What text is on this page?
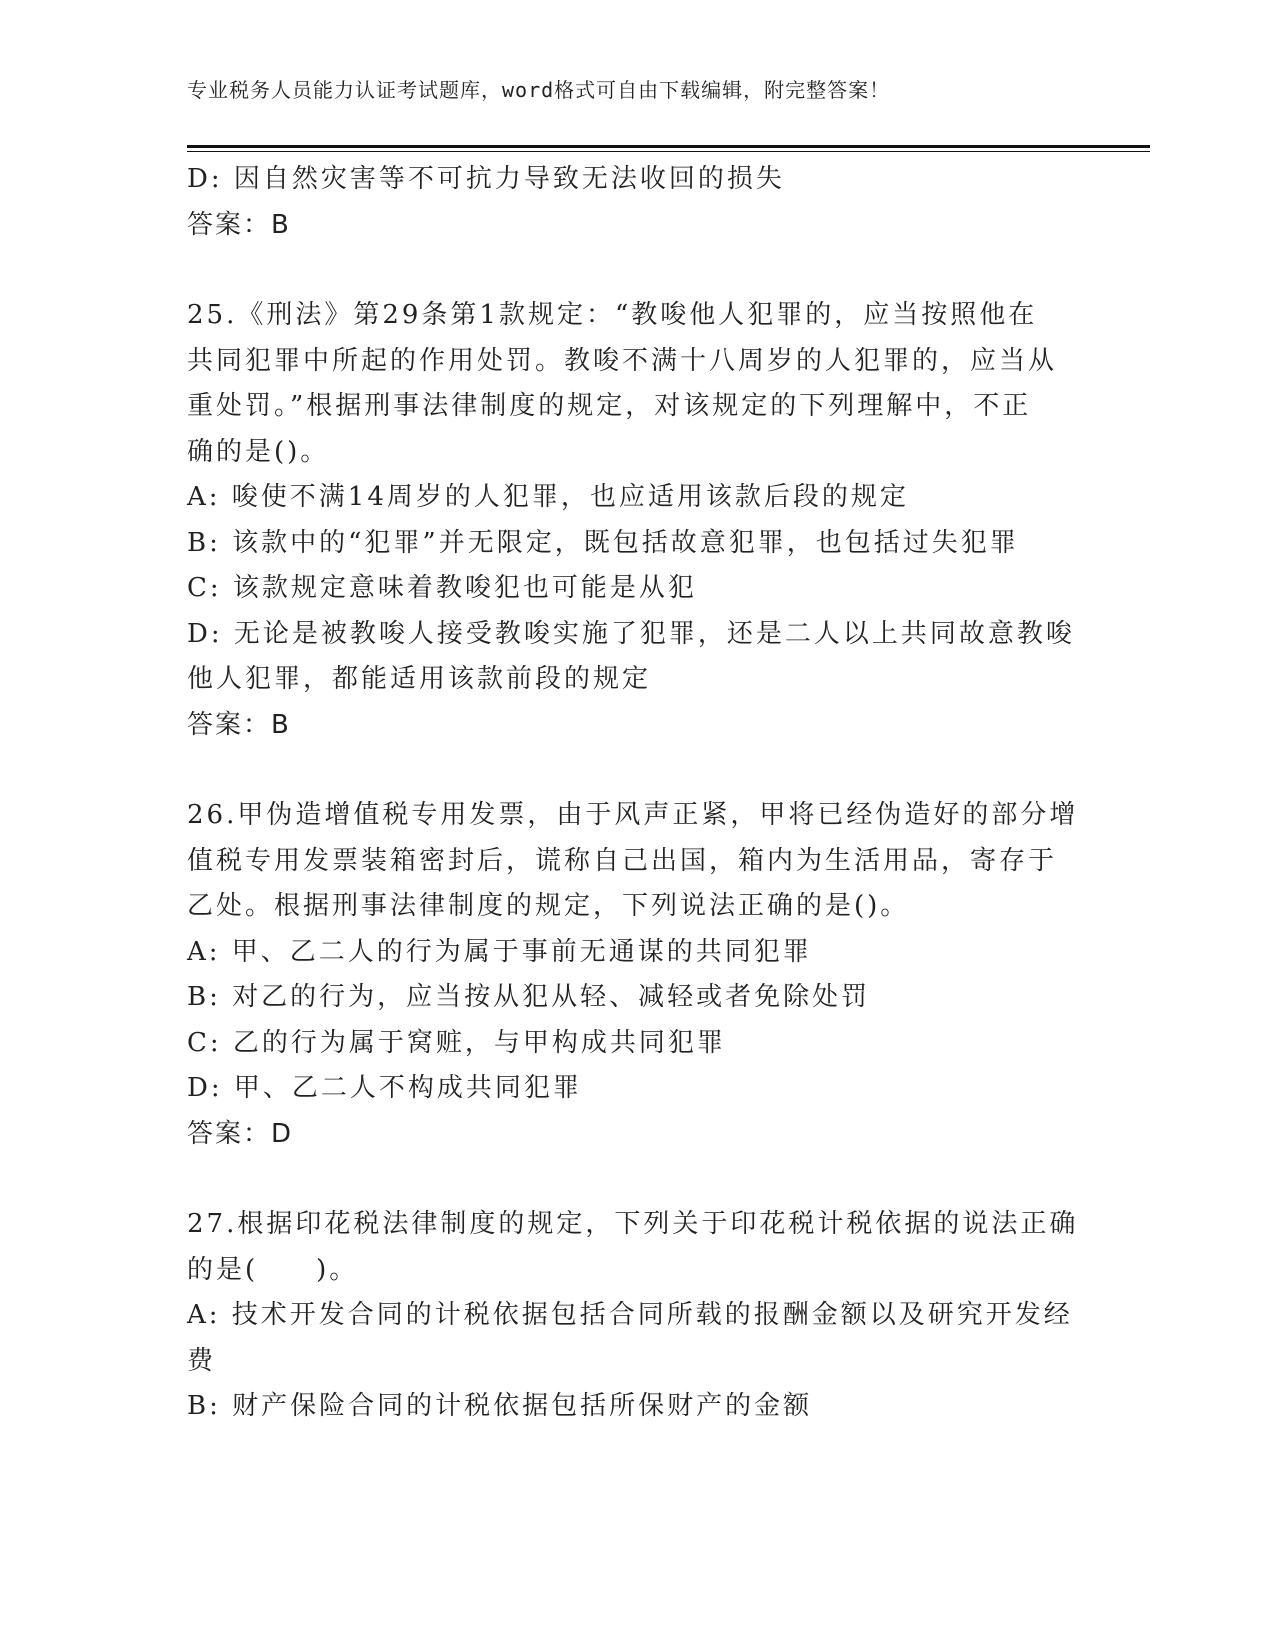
专业税务人员能力认证考试题库，word格式可自由下载编辑，附完整答案！
D: 因自然灾害等不可抗力导致无法收回的损失
答案：B
25.《刑法》第29条第1款规定：“教唆他人犯罪的，应当按照他在
共同犯罪中所起的作用处罚。教唆不满十八周岁的人犯罪的，应当从
重处罚。”根据刑事法律制度的规定，对该规定的下列理解中，不正
确的是()。
A: 唆使不满14周岁的人犯罪，也应适用该款后段的规定
B: 该款中的“犯罪”并无限定，既包括故意犯罪，也包括过失犯罪
C: 该款规定意味着教唆犯也可能是从犯
D: 无论是被教唆人接受教唆实施了犯罪，还是二人以上共同故意教唆
他人犯罪，都能适用该款前段的规定
答案：B
26.甲伪造增值税专用发票，由于风声正紧，甲将已经伪造好的部分增
值税专用发票装箱密封后，谎称自己出国，箱内为生活用品，寄存于
乙处。根据刑事法律制度的规定，下列说法正确的是()。
A: 甲、乙二人的行为属于事前无通谋的共同犯罪
B: 对乙的行为，应当按从犯从轻、减轻或者免除处罚
C: 乙的行为属于窝赃，与甲构成共同犯罪
D: 甲、乙二人不构成共同犯罪
答案：D
27.根据印花税法律制度的规定，下列关于印花税计税依据的说法正确
的是(　　)。
A: 技术开发合同的计税依据包括合同所载的报酬金额以及研究开发经
费
B: 财产保险合同的计税依据包括所保财产的金额
